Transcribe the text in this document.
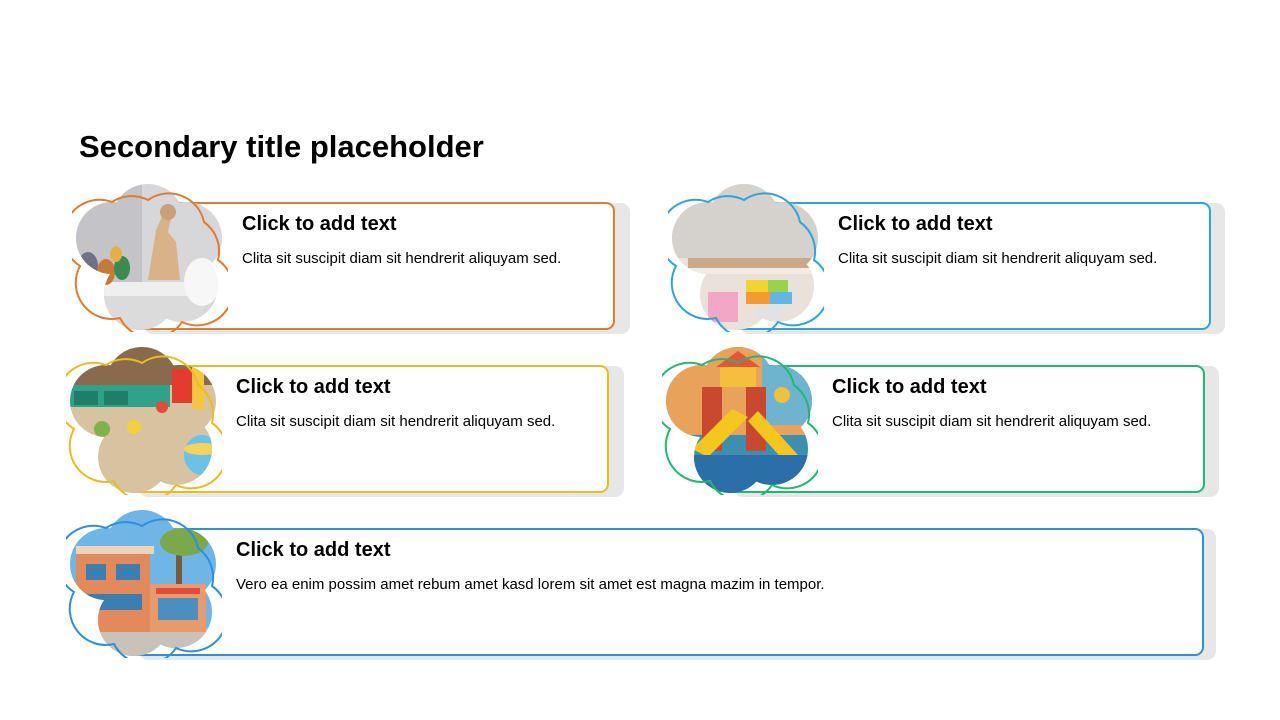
Secondary title placeholder
Click to add text
Clita sit suscipit diam sit hendrerit aliquyam sed.
Click to add text
Clita sit suscipit diam sit hendrerit aliquyam sed.
Click to add text
Clita sit suscipit diam sit hendrerit aliquyam sed.
Click to add text
Clita sit suscipit diam sit hendrerit aliquyam sed.
Click to add text
Vero ea enim possim amet rebum amet kasd lorem sit amet est magna mazim in tempor.
